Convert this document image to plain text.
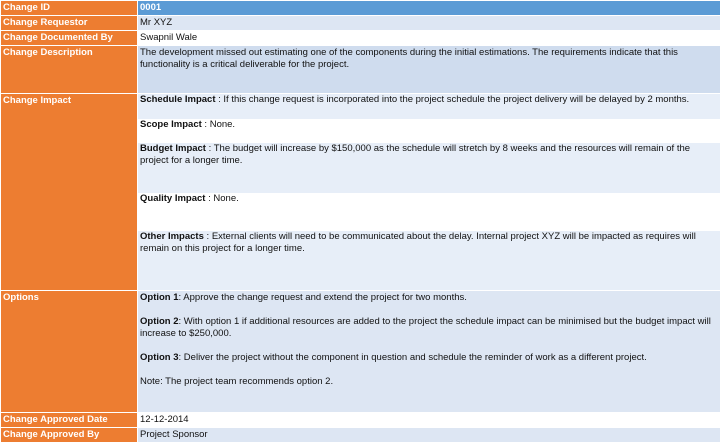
Change ID	0001
Change Requestor	Mr XYZ
Change Documented By	Swapnil Wale
Change Description	The development missed out estimating one of the components during the initial estimations. The requirements indicate that this functionality is a critical deliverable for the project.
Change Impact	Schedule Impact : If this change request is incorporated into the project schedule the project delivery will be delayed by 2 months.

Scope Impact : None.

Budget Impact : The budget will increase by $150,000 as the schedule will stretch by 8 weeks and the resources will remain of the project for a longer time.

Quality Impact : None.

Other Impacts : External clients will need to be communicated about the delay. Internal project XYZ will be impacted as requires will remain on this project for a longer time.

Options	Option 1: Approve the change request and extend the project for two months.

Option 2: With option 1 if additional resources are added to the project the schedule impact can be minimised but the budget impact will increase to $250,000.

Option 3: Deliver the project without the component in question and schedule the reminder of work as a different project.

Note: The project team recommends option 2.

Change Approved Date	12-12-2014
Change Approved By	Project Sponsor
